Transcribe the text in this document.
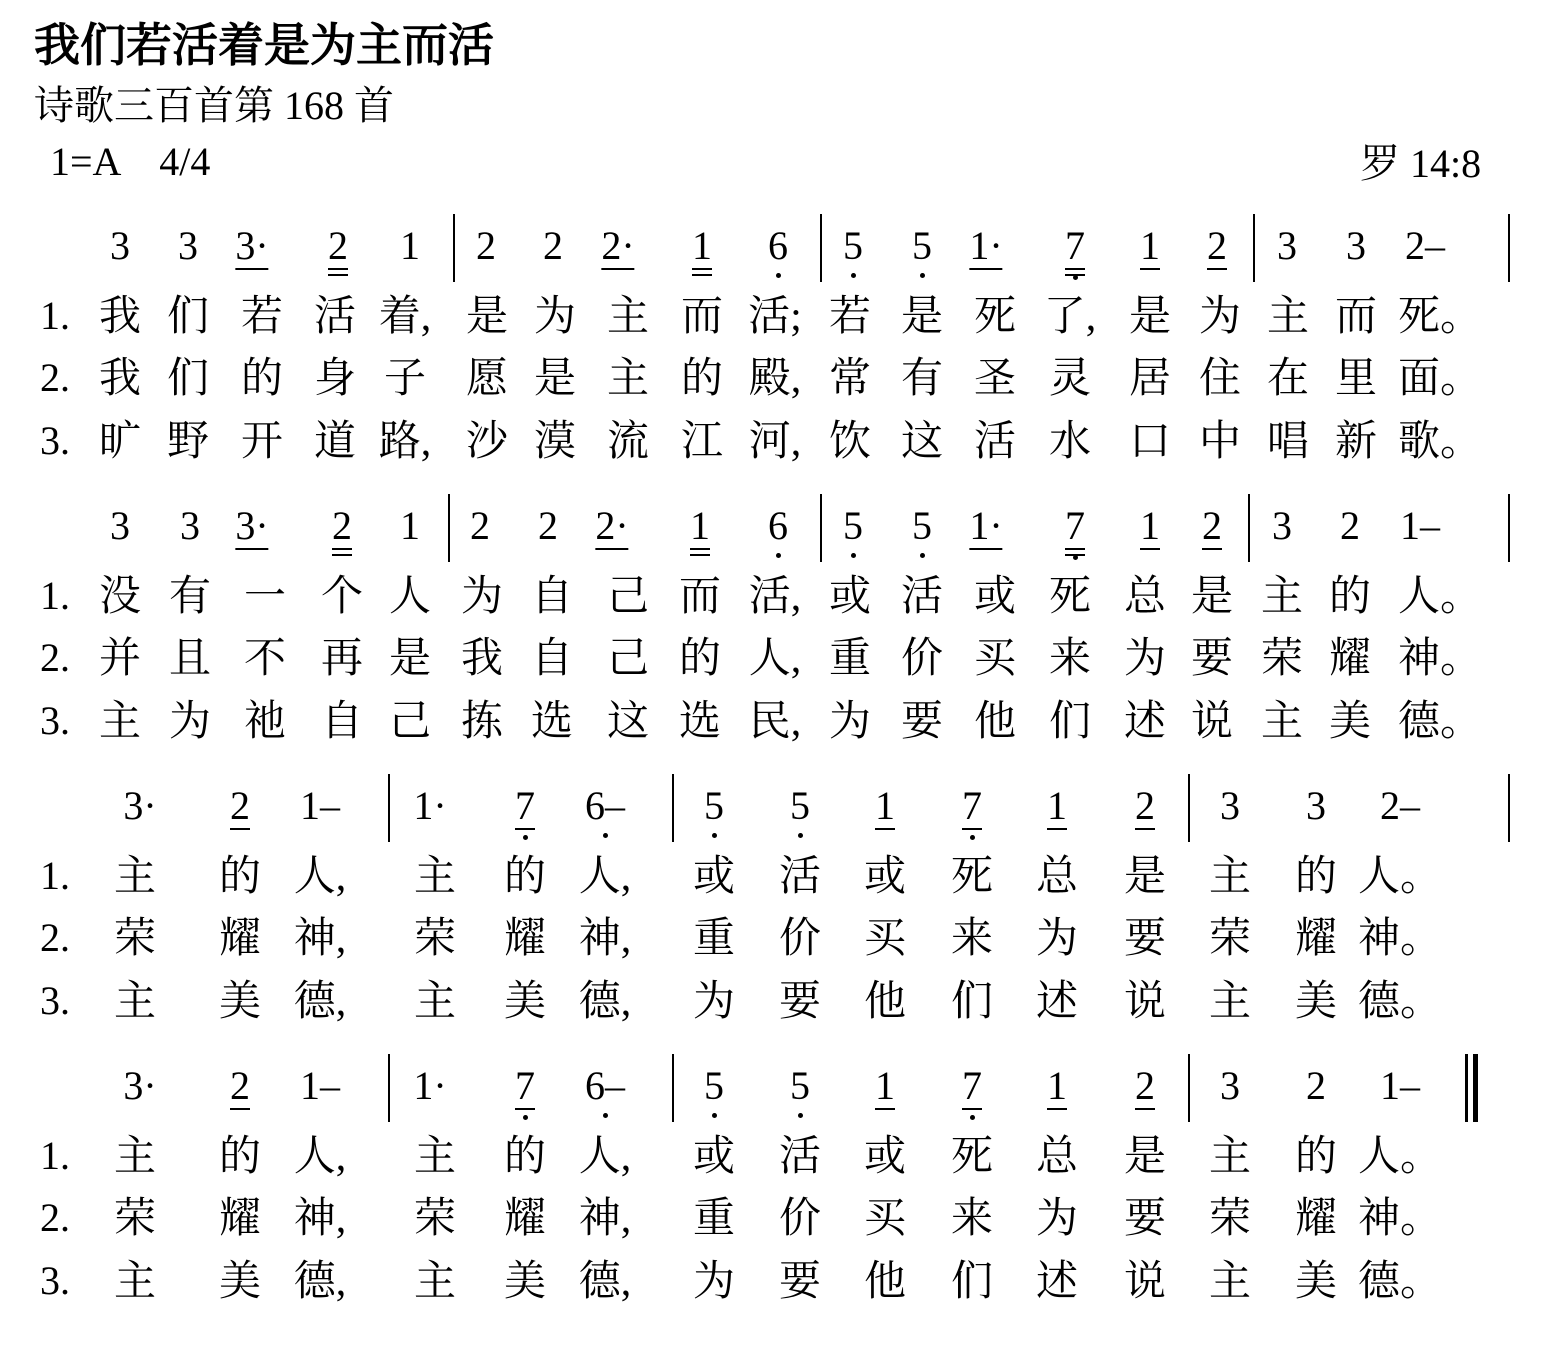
我们若活着是为主而活
诗歌三百首第 168 首
1=A　4/4	罗 14:8
3 3 3· 2 1 2 2 2· 1 6 5 5 1· 7 1 2 3 3 2–
1. 我 们 若 活 着, 是 为 主 而 活; 若 是 死 了, 是 为 主 而 死。
2. 我 们 的 身 子 愿 是 主 的 殿, 常 有 圣 灵 居 住 在 里 面。
3. 旷 野 开 道 路, 沙 漠 流 江 河, 饮 这 活 水 口 中 唱 新 歌。
3 3 3· 2 1 2 2 2· 1 6 5 5 1· 7 1 2 3 2 1–
1. 没 有 一 个 人 为 自 己 而 活, 或 活 或 死 总 是 主 的 人。
2. 并 且 不 再 是 我 自 己 的 人, 重 价 买 来 为 要 荣 耀 神。
3. 主 为 祂 自 己 拣 选 这 选 民, 为 要 他 们 述 说 主 美 德。
3· 2 1– 1· 7 6– 5 5 1 7 1 2 3 3 2–
1. 主 的 人, 主 的 人, 或 活 或 死 总 是 主 的 人。
2. 荣 耀 神, 荣 耀 神, 重 价 买 来 为 要 荣 耀 神。
3. 主 美 德, 主 美 德, 为 要 他 们 述 说 主 美 德。
3· 2 1– 1· 7 6– 5 5 1 7 1 2 3 2 1–
1. 主 的 人, 主 的 人, 或 活 或 死 总 是 主 的 人。
2. 荣 耀 神, 荣 耀 神, 重 价 买 来 为 要 荣 耀 神。
3. 主 美 德, 主 美 德, 为 要 他 们 述 说 主 美 德。
